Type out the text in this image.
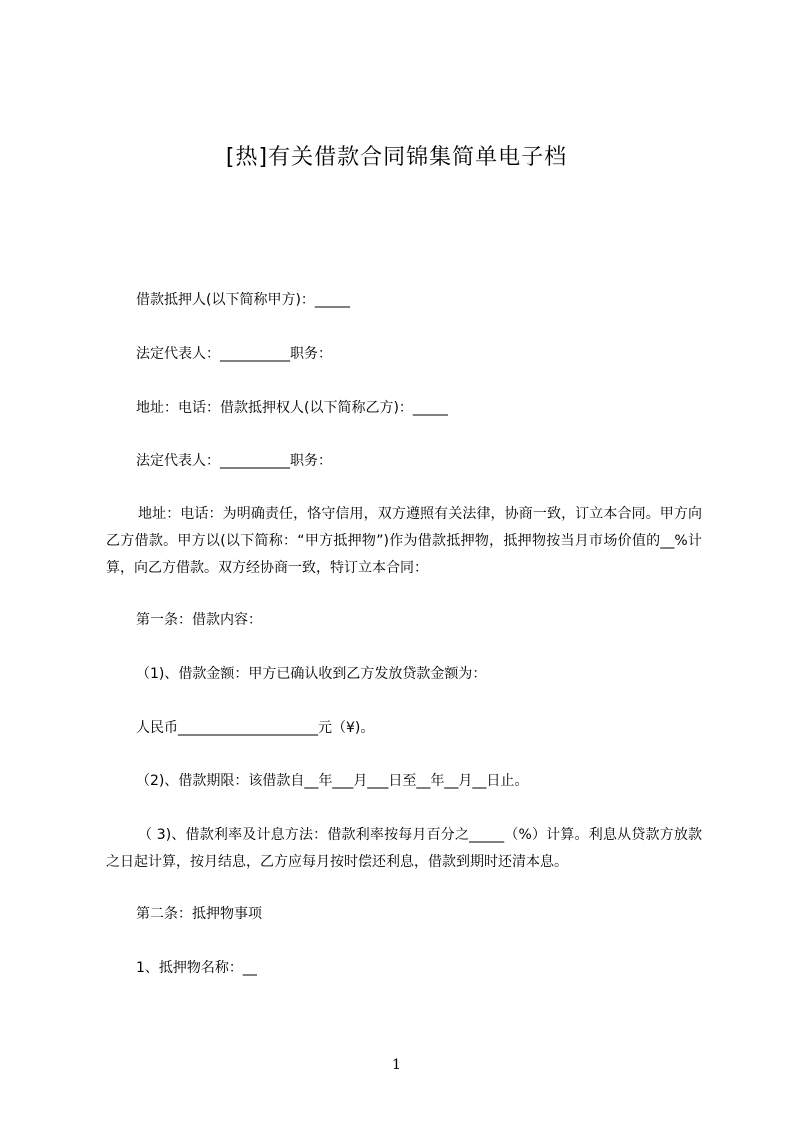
[热]有关借款合同锦集简单电子档
借款抵押人(以下简称甲方)：_____
法定代表人：__________职务：
地址：电话：借款抵押权人(以下简称乙方)：_____
法定代表人：__________职务：
地址：电话：为明确责任，恪守信用，双方遵照有关法律，协商一致，订立本合同。甲方向乙方借款。甲方以(以下简称：“甲方抵押物”)作为借款抵押物，抵押物按当月市场价值的__%计算，向乙方借款。双方经协商一致，特订立本合同：
第一条：借款内容：
（1)、借款金额：甲方已确认收到乙方发放贷款金额为：
人民币____________________元（¥)。
（2)、借款期限：该借款自__年___月___日至__年__月__日止。
（ 3)、借款利率及计息方法：借款利率按每月百分之_____（%）计算。利息从贷款方放款之日起计算，按月结息，乙方应每月按时偿还利息，借款到期时还清本息。
第二条：抵押物事项
1、抵押物名称：__
1
